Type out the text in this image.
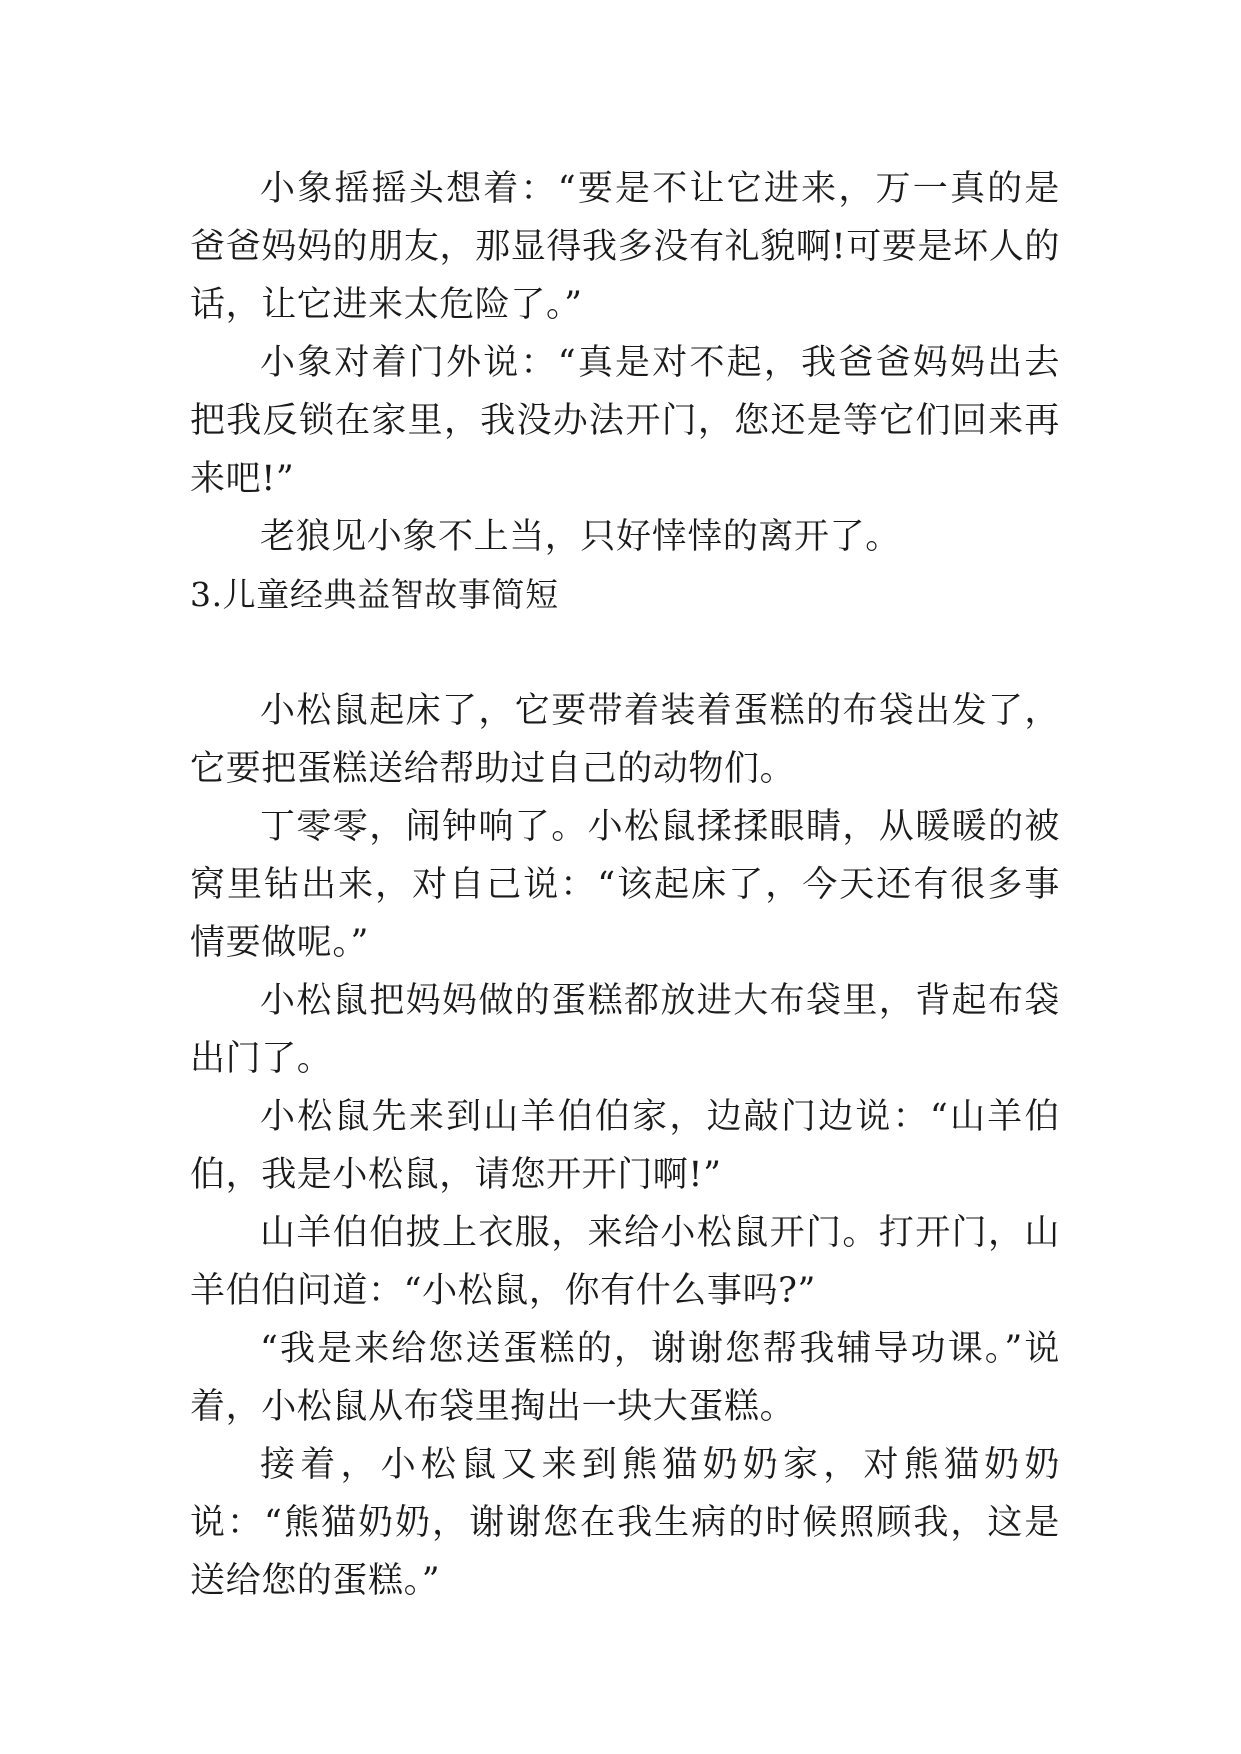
小象摇摇头想着：“要是不让它进来，万一真的是爸爸妈妈的朋友，那显得我多没有礼貌啊!可要是坏人的话，让它进来太危险了。”

小象对着门外说：“真是对不起，我爸爸妈妈出去把我反锁在家里，我没办法开门，您还是等它们回来再来吧!”

老狼见小象不上当，只好悻悻的离开了。

3.儿童经典益智故事简短

小松鼠起床了，它要带着装着蛋糕的布袋出发了，它要把蛋糕送给帮助过自己的动物们。

丁零零，闹钟响了。小松鼠揉揉眼睛，从暖暖的被窝里钻出来，对自己说：“该起床了，今天还有很多事情要做呢。”

小松鼠把妈妈做的蛋糕都放进大布袋里，背起布袋出门了。

小松鼠先来到山羊伯伯家，边敲门边说：“山羊伯伯，我是小松鼠，请您开开门啊!”

山羊伯伯披上衣服，来给小松鼠开门。打开门，山羊伯伯问道：“小松鼠，你有什么事吗?”

“我是来给您送蛋糕的，谢谢您帮我辅导功课。”说着，小松鼠从布袋里掏出一块大蛋糕。

接着，小松鼠又来到熊猫奶奶家，对熊猫奶奶说：“熊猫奶奶，谢谢您在我生病的时候照顾我，这是送给您的蛋糕。”
